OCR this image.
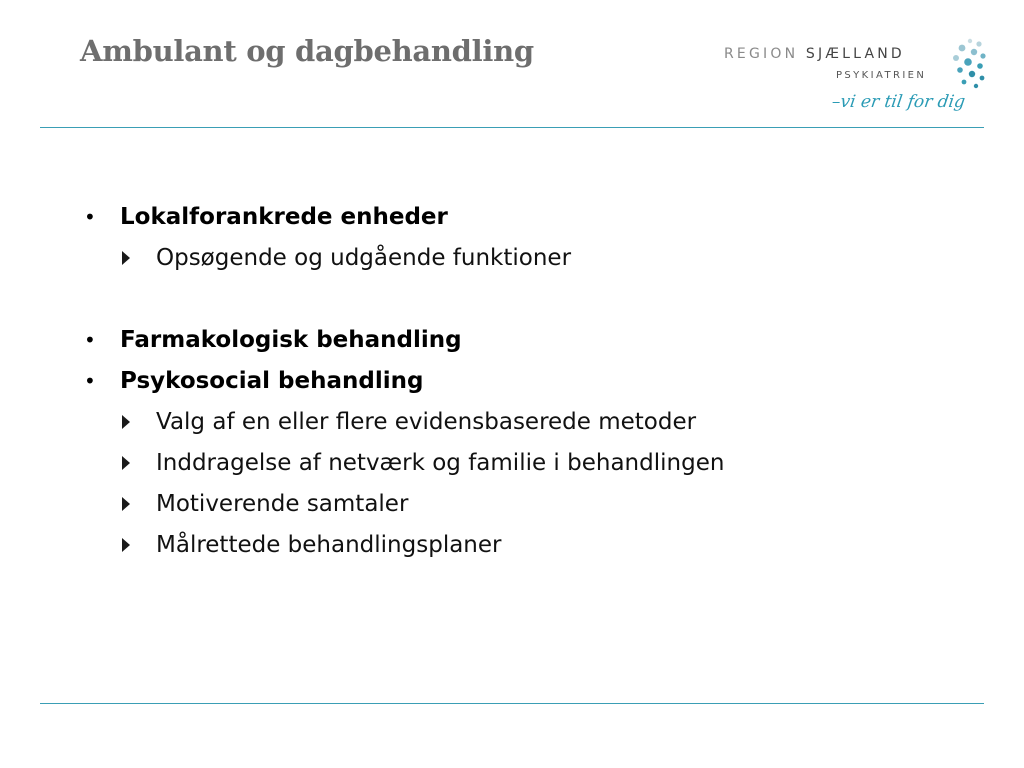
Ambulant og dagbehandling	REGION SJÆLLAND
PSYKIATRIEN
–vi er til for dig
• Lokalforankrede enheder
Opsøgende og udgående funktioner
• Farmakologisk behandling
• Psykosocial behandling
Valg af en eller flere evidensbaserede metoder
Inddragelse af netværk og familie i behandlingen
Motiverende samtaler
Målrettede behandlingsplaner
